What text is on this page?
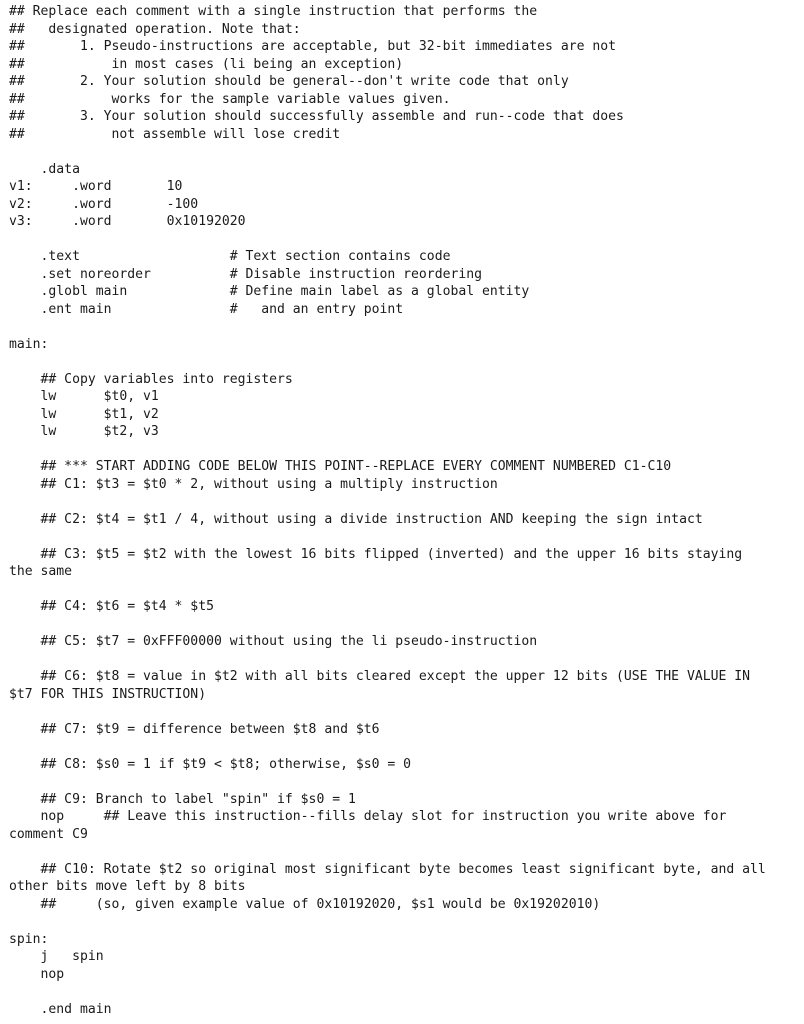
## Replace each comment with a single instruction that performs the
##   designated operation. Note that:
##       1. Pseudo-instructions are acceptable, but 32-bit immediates are not
##           in most cases (li being an exception)
##       2. Your solution should be general--don't write code that only
##           works for the sample variable values given.
##       3. Your solution should successfully assemble and run--code that does
##           not assemble will lose credit
.data
v1:     .word       10
v2:     .word       -100
v3:     .word       0x10192020
.text                   # Text section contains code
.set noreorder          # Disable instruction reordering
.globl main             # Define main label as a global entity
.ent main               #   and an entry point
main:
## Copy variables into registers
lw      $t0, v1
lw      $t1, v2
lw      $t2, v3
## *** START ADDING CODE BELOW THIS POINT--REPLACE EVERY COMMENT NUMBERED C1-C10
## C1: $t3 = $t0 * 2, without using a multiply instruction
## C2: $t4 = $t1 / 4, without using a divide instruction AND keeping the sign intact
## C3: $t5 = $t2 with the lowest 16 bits flipped (inverted) and the upper 16 bits staying
the same
## C4: $t6 = $t4 * $t5
## C5: $t7 = 0xFFF00000 without using the li pseudo-instruction
## C6: $t8 = value in $t2 with all bits cleared except the upper 12 bits (USE THE VALUE IN
$t7 FOR THIS INSTRUCTION)
## C7: $t9 = difference between $t8 and $t6
## C8: $s0 = 1 if $t9 < $t8; otherwise, $s0 = 0
## C9: Branch to label "spin" if $s0 = 1
nop     ## Leave this instruction--fills delay slot for instruction you write above for
comment C9
## C10: Rotate $t2 so original most significant byte becomes least significant byte, and all
other bits move left by 8 bits
##     (so, given example value of 0x10192020, $s1 would be 0x19202010)
spin:
j   spin
nop
.end main
